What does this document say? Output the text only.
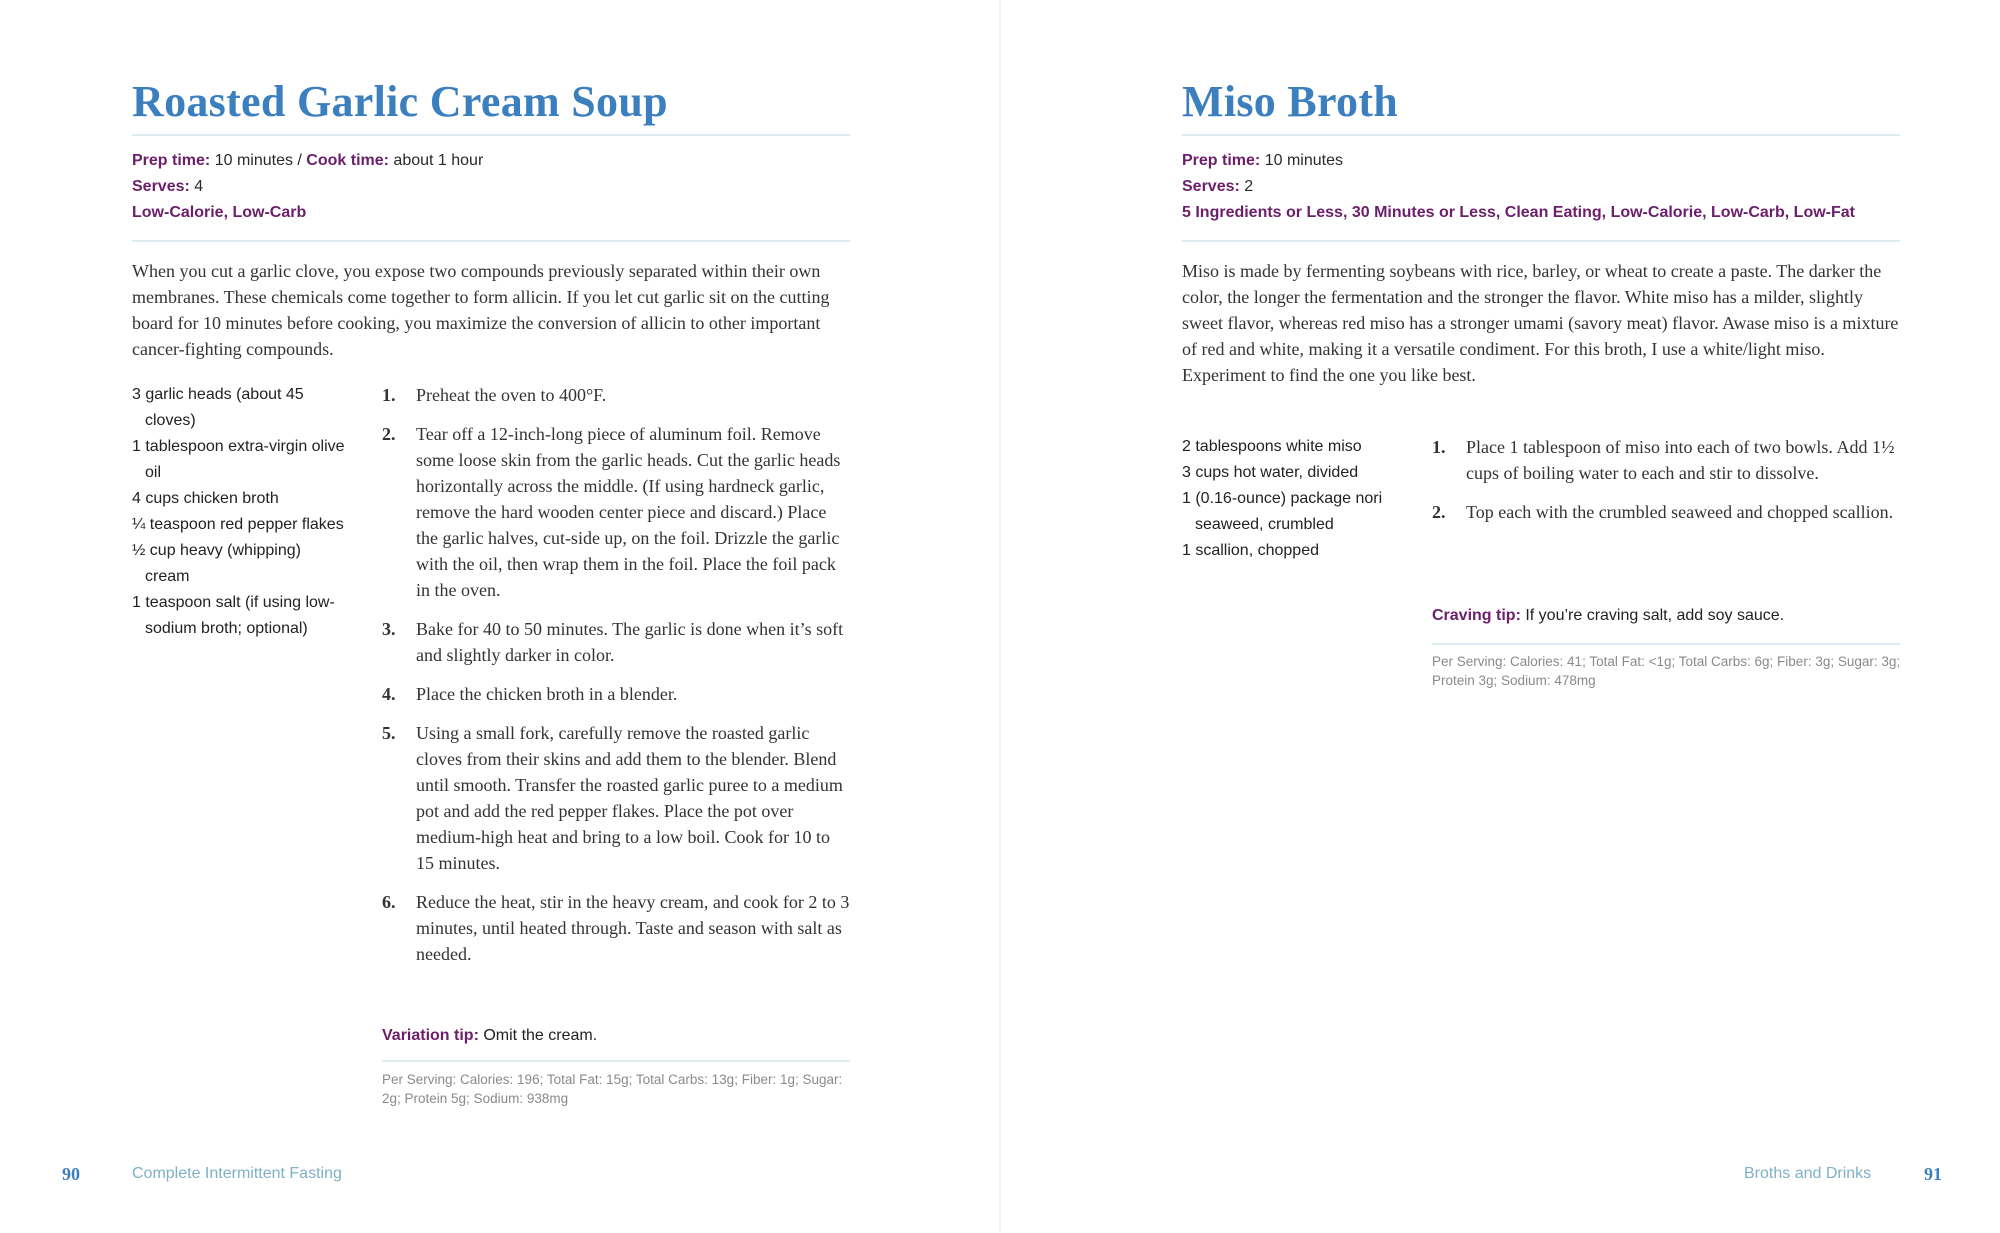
Roasted Garlic Cream Soup
Prep time: 10 minutes / Cook time: about 1 hour
Serves: 4
Low-Calorie, Low-Carb

When you cut a garlic clove, you expose two compounds previously separated within their own membranes. These chemicals come together to form allicin. If you let cut garlic sit on the cutting board for 10 minutes before cooking, you maximize the conversion of allicin to other important cancer-fighting compounds.

3 garlic heads (about 45 cloves)
1 tablespoon extra-virgin olive oil
4 cups chicken broth
¼ teaspoon red pepper flakes
½ cup heavy (whipping) cream
1 teaspoon salt (if using low-sodium broth; optional)
1. Preheat the oven to 400°F.
2. Tear off a 12-inch-long piece of aluminum foil. Remove some loose skin from the garlic heads. Cut the garlic heads horizontally across the middle. (If using hardneck garlic, remove the hard wooden center piece and discard.) Place the garlic halves, cut-side up, on the foil. Drizzle the garlic with the oil, then wrap them in the foil. Place the foil pack in the oven.
3. Bake for 40 to 50 minutes. The garlic is done when it’s soft and slightly darker in color.
4. Place the chicken broth in a blender.
5. Using a small fork, carefully remove the roasted garlic cloves from their skins and add them to the blender. Blend until smooth. Transfer the roasted garlic puree to a medium pot and add the red pepper flakes. Place the pot over medium-high heat and bring to a low boil. Cook for 10 to 15 minutes.
6. Reduce the heat, stir in the heavy cream, and cook for 2 to 3 minutes, until heated through. Taste and season with salt as needed.
Variation tip: Omit the cream.
Per Serving: Calories: 196; Total Fat: 15g; Total Carbs: 13g; Fiber: 1g; Sugar: 2g; Protein 5g; Sodium: 938mg
90	Complete Intermittent Fasting
Miso Broth
Prep time: 10 minutes
Serves: 2
5 Ingredients or Less, 30 Minutes or Less, Clean Eating, Low-Calorie, Low-Carb, Low-Fat

Miso is made by fermenting soybeans with rice, barley, or wheat to create a paste. The darker the color, the longer the fermentation and the stronger the flavor. White miso has a milder, slightly sweet flavor, whereas red miso has a stronger umami (savory meat) flavor. Awase miso is a mixture of red and white, making it a versatile condiment. For this broth, I use a white/light miso. Experiment to find the one you like best.

2 tablespoons white miso
3 cups hot water, divided
1 (0.16-ounce) package nori seaweed, crumbled
1 scallion, chopped
1. Place 1 tablespoon of miso into each of two bowls. Add 1½ cups of boiling water to each and stir to dissolve.
2. Top each with the crumbled seaweed and chopped scallion.
Craving tip: If you’re craving salt, add soy sauce.
Per Serving: Calories: 41; Total Fat: <1g; Total Carbs: 6g; Fiber: 3g; Sugar: 3g; Protein 3g; Sodium: 478mg
Broths and Drinks	91
